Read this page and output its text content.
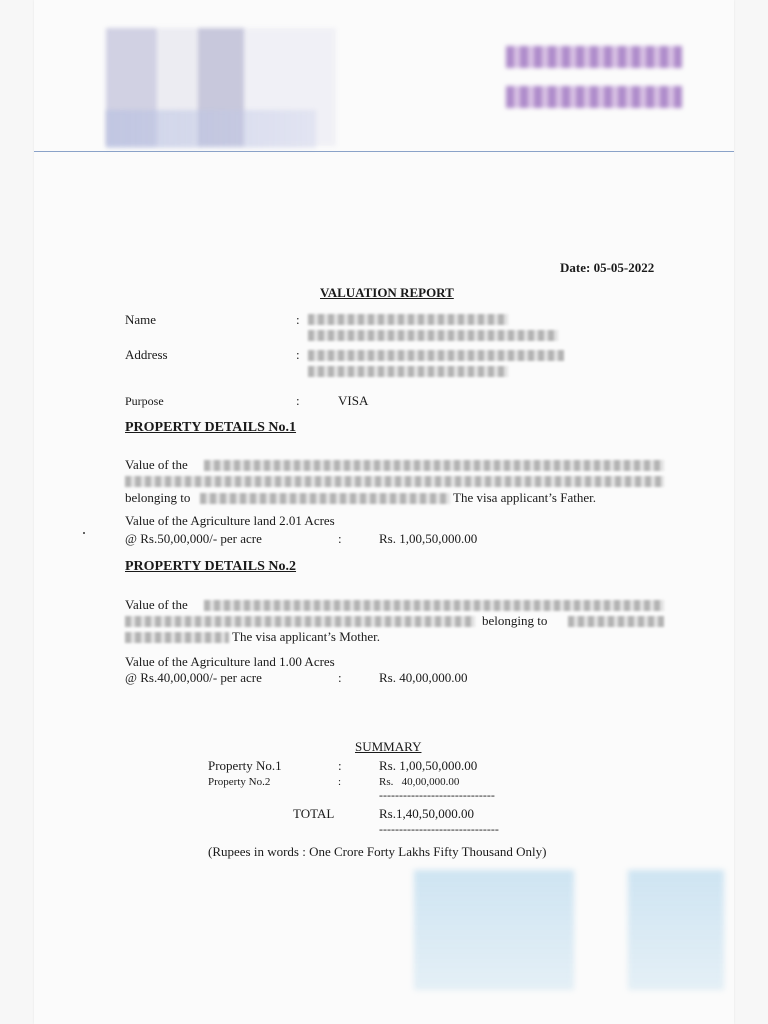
Date: 05-05-2022
VALUATION REPORT
Name	:
Address	:
Purpose	:	VISA
PROPERTY DETAILS No.1
Value of the
belonging to	The visa applicant’s Father.
Value of the Agriculture land 2.01 Acres
@ Rs.50,00,000/- per acre	:	Rs. 1,00,50,000.00
PROPERTY DETAILS No.2
Value of the
belonging to
The visa applicant’s Mother.
Value of the Agriculture land 1.00 Acres
@ Rs.40,00,000/- per acre	:	Rs. 40,00,000.00
SUMMARY
Property No.1	:	Rs. 1,00,50,000.00
Property No.2	:	Rs.   40,00,000.00
-----------------------------
TOTAL	Rs.1,40,50,000.00
------------------------------
(Rupees in words : One Crore Forty Lakhs Fifty Thousand Only)
